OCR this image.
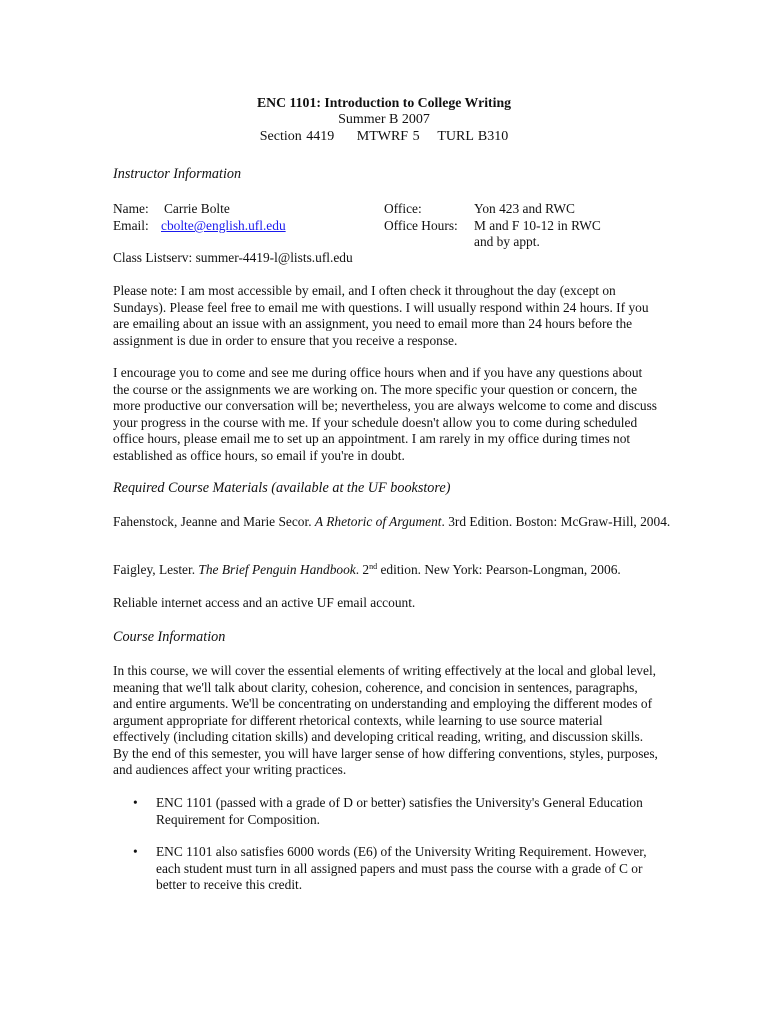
ENC 1101: Introduction to College Writing
Summer B 2007
Section 4419     MTWRF 5    TURL B310
Instructor Information
Name: Carrie Bolte
Email: cbolte@english.ufl.edu
Office:	Yon 423 and RWC
Office Hours: M and F 10-12 in RWC
and by appt.
Class Listserv: summer-4419-l@lists.ufl.edu
Please note: I am most accessible by email, and I often check it throughout the day (except on Sundays). Please feel free to email me with questions. I will usually respond within 24 hours. If you are emailing about an issue with an assignment, you need to email more than 24 hours before the assignment is due in order to ensure that you receive a response.
I encourage you to come and see me during office hours when and if you have any questions about the course or the assignments we are working on. The more specific your question or concern, the more productive our conversation will be; nevertheless, you are always welcome to come and discuss your progress in the course with me. If your schedule doesn't allow you to come during scheduled office hours, please email me to set up an appointment. I am rarely in my office during times not established as office hours, so email if you're in doubt.
Required Course Materials (available at the UF bookstore)
Fahenstock, Jeanne and Marie Secor. A Rhetoric of Argument. 3rd Edition. Boston: McGraw-Hill, 2004.
Faigley, Lester. The Brief Penguin Handbook. 2nd edition. New York: Pearson-Longman, 2006.
Reliable internet access and an active UF email account.
Course Information
In this course, we will cover the essential elements of writing effectively at the local and global level, meaning that we'll talk about clarity, cohesion, coherence, and concision in sentences, paragraphs, and entire arguments. We'll be concentrating on understanding and employing the different modes of argument appropriate for different rhetorical contexts, while learning to use source material effectively (including citation skills) and developing critical reading, writing, and discussion skills. By the end of this semester, you will have larger sense of how differing conventions, styles, purposes, and audiences affect your writing practices.
• ENC 1101 (passed with a grade of D or better) satisfies the University's General Education Requirement for Composition.
• ENC 1101 also satisfies 6000 words (E6) of the University Writing Requirement. However, each student must turn in all assigned papers and must pass the course with a grade of C or better to receive this credit.
